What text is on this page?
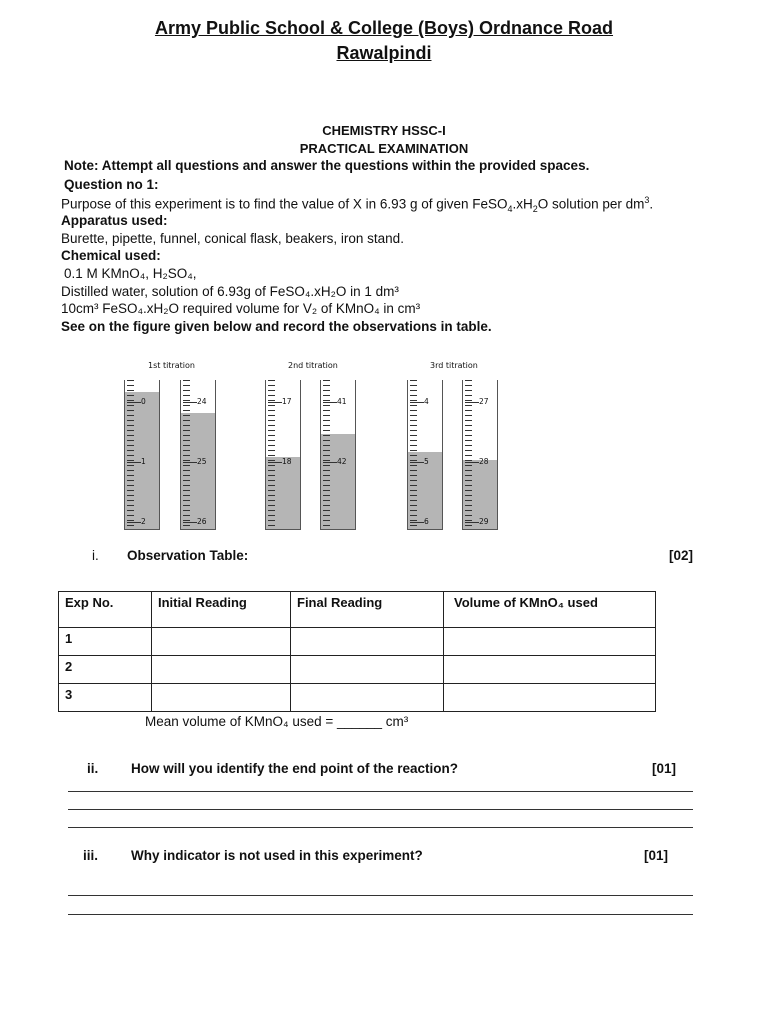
Army Public School & College (Boys) Ordnance Road
Rawalpindi
CHEMISTRY HSSC-I
PRACTICAL EXAMINATION
Note: Attempt all questions and answer the questions within the provided spaces.
Question no 1:
Purpose of this experiment is to find the value of X in 6.93 g of given $FeSO_4.xH_2O$ solution per $dm^3$.
Apparatus used:
Burette, pipette, funnel, conical flask, beakers, iron stand.
Chemical used:
0.1 M KMnO₄, H₂SO₄,
Distilled water, solution of 6.93g of FeSO₄.xH₂O in 1 dm³
10cm³ FeSO₄.xH₂O required volume for V₂ of KMnO₄ in cm³
See on the figure given below and record the observations in table.
1st titration	2nd titration	3rd titration
0
1
2
24
25
26
17
18
41
42
4
5
6
27
28
29
i. Observation Table:	[02]
Exp No.	Initial Reading	Final Reading	Volume of KMnO₄ used
1			
2			
3			
Mean volume of KMnO₄ used = ______ cm³
ii. How will you identify the end point of the reaction?	[01]
iii. Why indicator is not used in this experiment?	[01]
